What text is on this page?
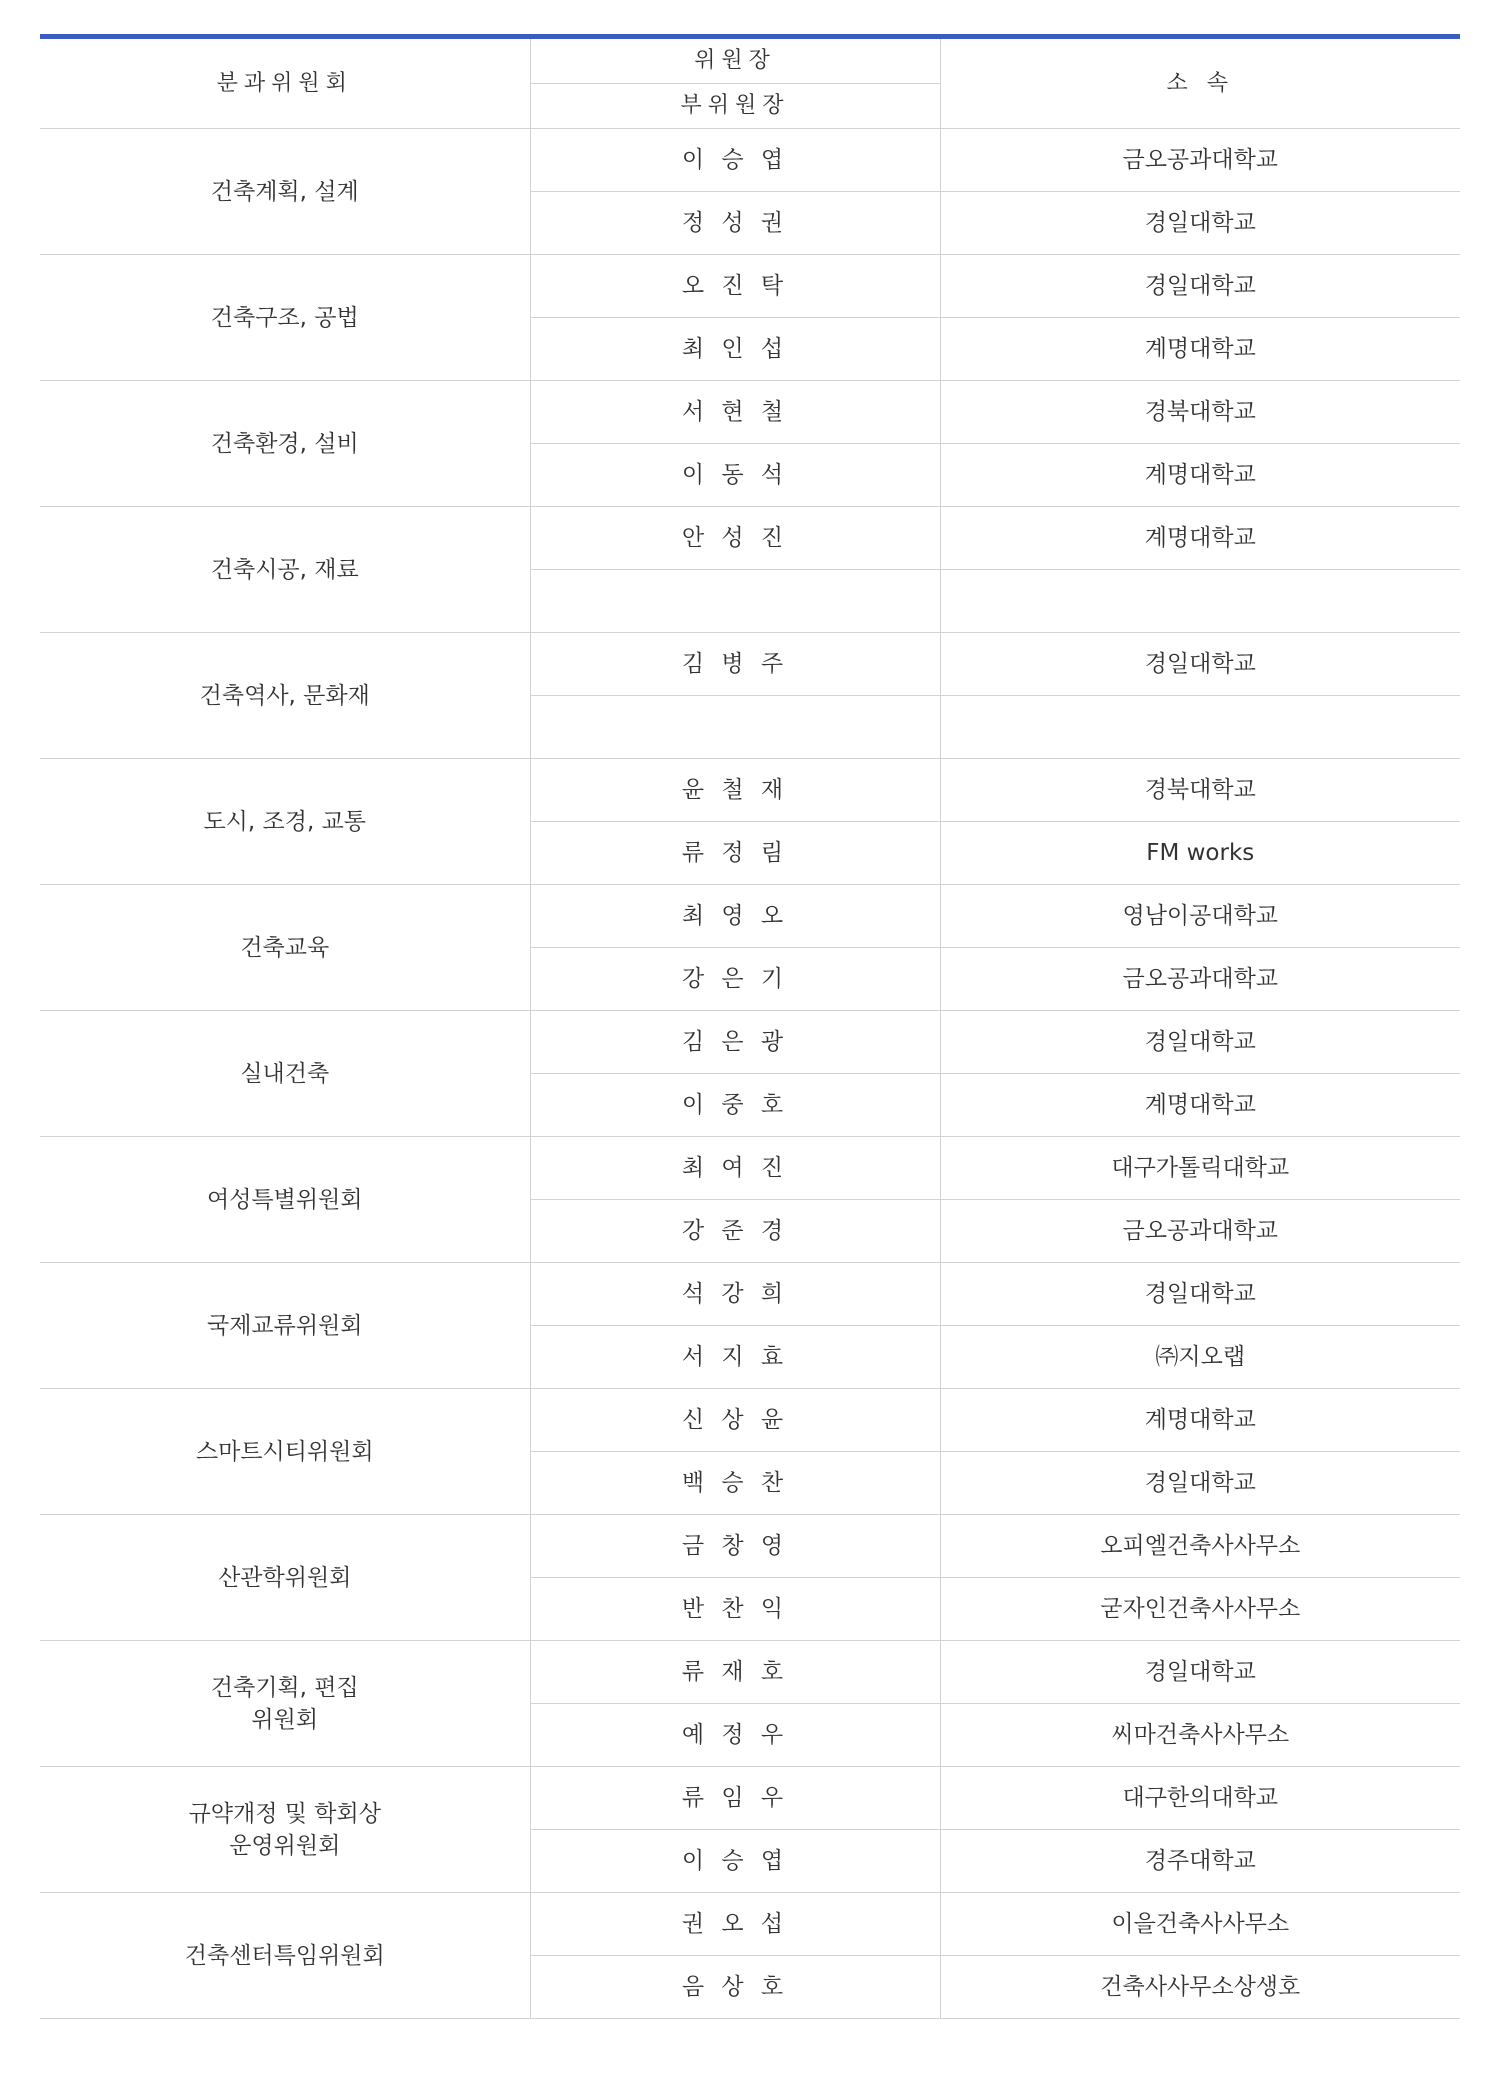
분과위원회	위원장	소 속
	부위원장	
건축계획, 설계	이 승 엽	금오공과대학교
	정 성 권	경일대학교
건축구조, 공법	오 진 탁	경일대학교
	최 인 섭	계명대학교
건축환경, 설비	서 현 철	경북대학교
	이 동 석	계명대학교
건축시공, 재료	안 성 진	계명대학교

건축역사, 문화재	김 병 주	경일대학교

도시, 조경, 교통	윤 철 재	경북대학교
	류 정 림	FM works
건축교육	최 영 오	영남이공대학교
	강 은 기	금오공과대학교
실내건축	김 은 광	경일대학교
	이 중 호	계명대학교
여성특별위원회	최 여 진	대구가톨릭대학교
	강 준 경	금오공과대학교
국제교류위원회	석 강 희	경일대학교
	서 지 효	㈜지오랩
스마트시티위원회	신 상 윤	계명대학교
	백 승 찬	경일대학교
산관학위원회	금 창 영	오피엘건축사사무소
	반 찬 익	굳자인건축사사무소

건축기획, 편집
위원회	류 재 호	경일대학교
	예 정 우	씨마건축사사무소

규약개정 및 학회상
운영위원회	류 임 우	대구한의대학교
	이 승 엽	경주대학교
건축센터특임위원회	권 오 섭	이을건축사사무소
	음 상 호	건축사사무소상생호
